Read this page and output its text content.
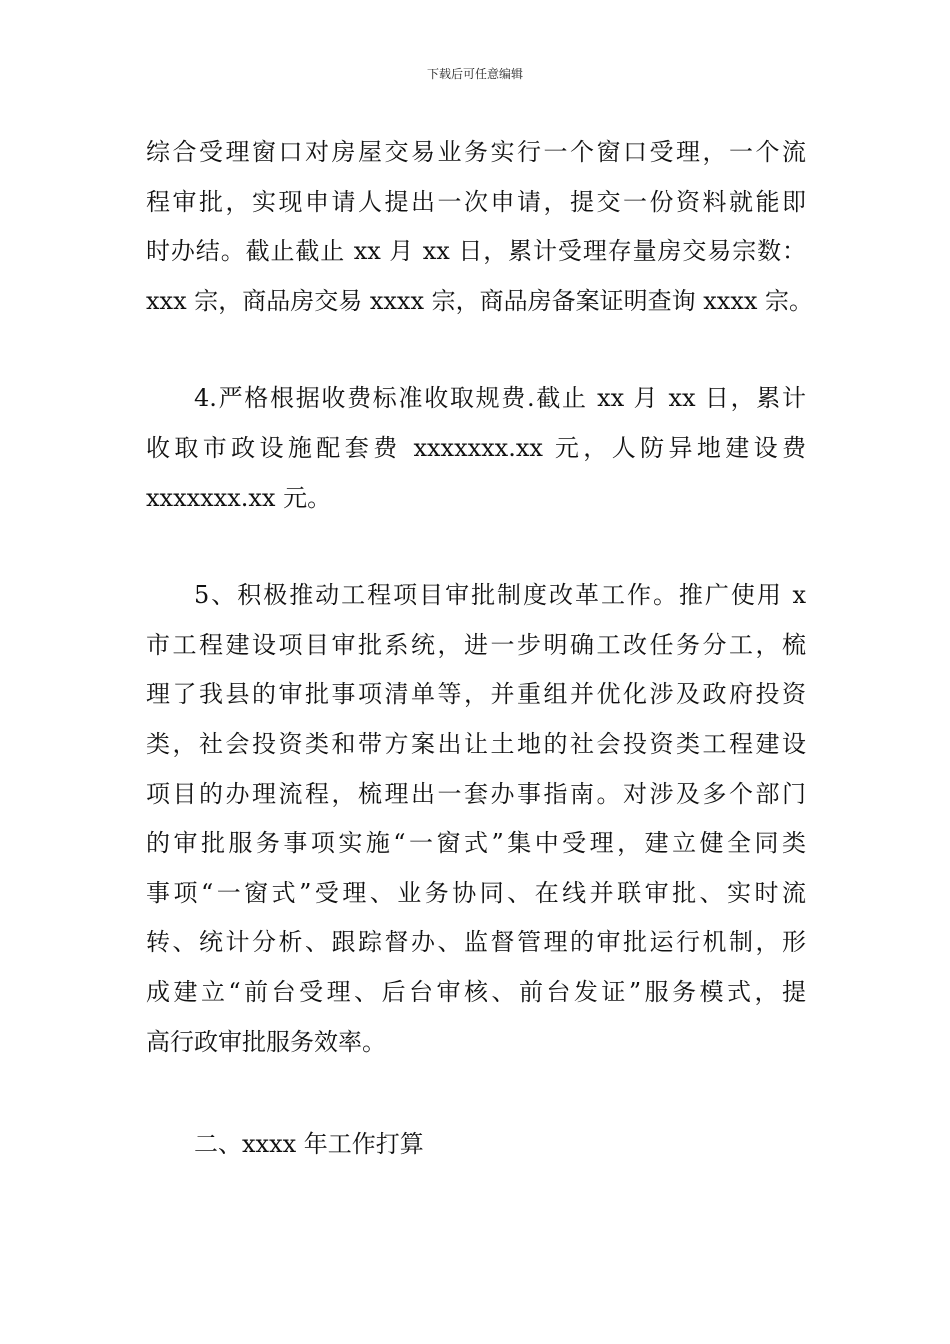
下载后可任意编辑
综合受理窗口对房屋交易业务实行一个窗口受理，一个流
程审批，实现申请人提出一次申请，提交一份资料就能即
时办结。截止截止 xx 月 xx 日，累计受理存量房交易宗数：
xxx 宗，商品房交易 xxxx 宗，商品房备案证明查询 xxxx 宗。
4.严格根据收费标准收取规费.截止 xx 月 xx 日，累计
收取市政设施配套费 xxxxxxx.xx 元，人防异地建设费
xxxxxxx.xx 元。
5、积极推动工程项目审批制度改革工作。推广使用 x
市工程建设项目审批系统，进一步明确工改任务分工，梳
理了我县的审批事项清单等，并重组并优化涉及政府投资
类，社会投资类和带方案出让土地的社会投资类工程建设
项目的办理流程，梳理出一套办事指南。对涉及多个部门
的审批服务事项实施“一窗式”集中受理，建立健全同类
事项“一窗式”受理、业务协同、在线并联审批、实时流
转、统计分析、跟踪督办、监督管理的审批运行机制，形
成建立“前台受理、后台审核、前台发证”服务模式，提
高行政审批服务效率。
二、xxxx 年工作打算
